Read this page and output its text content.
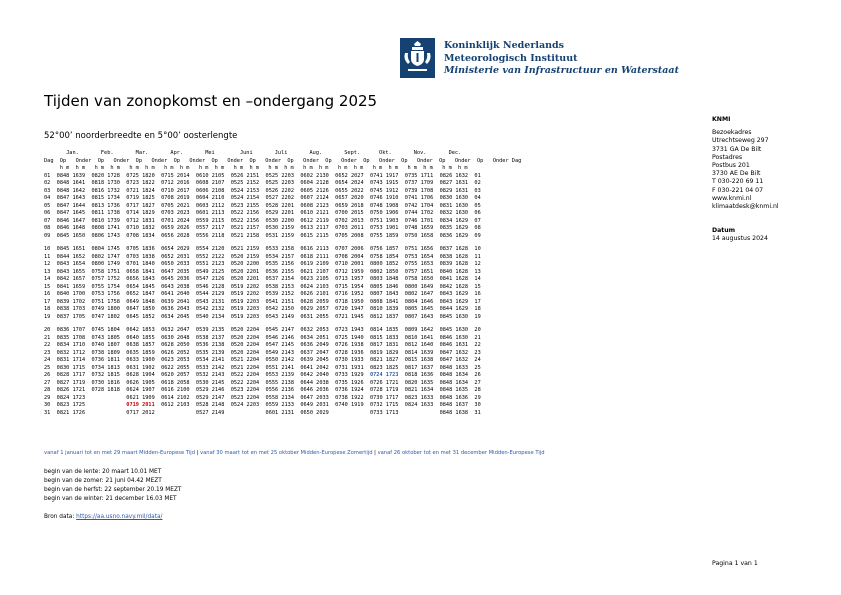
Koninklijk Nederlands
Meteorologisch Instituut
Ministerie van Infrastructuur en Waterstaat
Tijden van zonopkomst en –ondergang 2025
52°00’ noorderbreedte en 5°00’ oosterlengte
Jan.       Feb.       Mar.       Apr.       Mei        Juni       Juli       Aug.       Sept.      Okt.       Nov.       Dec.
Dag  Op   Onder  Op   Onder  Op   Onder  Op   Onder  Op   Onder  Op   Onder  Op   Onder  Op   Onder  Op   Onder  Op   Onder  Op   Onder  Op   Onder Dag
h m  h m   h m  h m   h m  h m   h m  h m   h m  h m   h m  h m   h m  h m   h m  h m   h m  h m   h m  h m   h m  h m   h m  h m
01 0848 1639 0820 1728 0725 1820 0715 2014 0610 2105 0526 2151 0525 2203 0602 2130 0652 2027 0741 1917 0735 1711 0826 1632 01
02 0848 1641 0818 1730 0723 1822 0712 2016 0608 2107 0525 2152 0525 2203 0604 2128 0654 2024 0743 1915 0737 1709 0827 1631 02
03 0848 1642 0816 1732 0721 1824 0710 2017 0606 2108 0524 2153 0526 2202 0605 2126 0655 2022 0745 1912 0739 1708 0829 1631 03
04 0847 1643 0815 1734 0719 1825 0708 2019 0604 2110 0524 2154 0527 2202 0607 2124 0657 2020 0746 1910 0741 1706 0830 1630 04
05 0847 1644 0813 1736 0717 1827 0705 2021 0603 2112 0523 2155 0528 2201 0608 2123 0659 2018 0748 1908 0742 1704 0831 1630 05
06 0847 1645 0811 1738 0714 1829 0703 2023 0601 2113 0522 2156 0529 2201 0610 2121 0700 2015 0750 1906 0744 1702 0832 1630 06
07 0846 1647 0810 1739 0712 1831 0701 2024 0559 2115 0522 2156 0530 2200 0612 2119 0702 2013 0751 1903 0746 1701 0834 1629 07
08 0846 1648 0808 1741 0710 1832 0659 2026 0557 2117 0521 2157 0530 2159 0613 2117 0703 2011 0753 1901 0748 1659 0835 1629 08
09 0845 1650 0806 1743 0708 1834 0656 2028 0556 2118 0521 2158 0531 2159 0615 2115 0705 2008 0755 1859 0750 1658 0836 1629 09
10 0845 1651 0804 1745 0705 1836 0654 2029 0554 2120 0521 2159 0533 2158 0616 2113 0707 2006 0756 1857 0751 1656 0837 1628 10
11 0844 1652 0802 1747 0703 1838 0652 2031 0552 2122 0520 2159 0534 2157 0618 2111 0708 2004 0758 1854 0753 1654 0838 1628 11
12 0843 1654 0800 1749 0701 1840 0650 2033 0551 2123 0520 2200 0535 2156 0619 2109 0710 2001 0800 1852 0755 1653 0839 1628 12
13 0843 1655 0758 1751 0658 1841 0647 2035 0549 2125 0520 2201 0536 2155 0621 2107 0712 1959 0802 1850 0757 1651 0840 1628 13
14 0842 1657 0757 1752 0656 1843 0645 2036 0547 2126 0520 2201 0537 2154 0623 2105 0713 1957 0803 1848 0758 1650 0841 1628 14
15 0841 1659 0755 1754 0654 1845 0643 2038 0546 2128 0519 2202 0538 2153 0624 2103 0715 1954 0805 1846 0800 1649 0842 1628 15
16 0840 1700 0753 1756 0652 1847 0641 2040 0544 2129 0519 2202 0539 2152 0626 2101 0716 1952 0807 1843 0802 1647 0843 1629 16
17 0839 1702 0751 1758 0649 1848 0639 2041 0543 2131 0519 2203 0541 2151 0628 2059 0718 1950 0808 1841 0804 1646 0843 1629 17
18 0838 1703 0749 1800 0647 1850 0636 2043 0542 2132 0519 2203 0542 2150 0629 2057 0720 1947 0810 1839 0805 1645 0844 1629 18
19 0837 1705 0747 1802 0645 1852 0634 2045 0540 2134 0519 2203 0543 2149 0631 2055 0721 1945 0812 1837 0807 1643 0845 1630 19
20 0836 1707 0745 1804 0642 1853 0632 2047 0539 2135 0520 2204 0545 2147 0632 2053 0723 1943 0814 1835 0809 1642 0845 1630 20
21 0835 1708 0743 1805 0640 1855 0630 2048 0538 2137 0520 2204 0546 2146 0634 2051 0725 1940 0815 1833 0810 1641 0846 1630 21
22 0834 1710 0740 1807 0638 1857 0628 2050 0536 2138 0520 2204 0547 2145 0636 2049 0726 1938 0817 1831 0812 1640 0846 1631 22
23 0832 1712 0738 1809 0635 1859 0626 2052 0535 2139 0520 2204 0549 2143 0637 2047 0728 1936 0819 1829 0814 1639 0847 1632 23
24 0831 1714 0736 1811 0633 1900 0623 2053 0534 2141 0521 2204 0550 2142 0639 2045 0730 1933 0821 1827 0815 1638 0847 1632 24
25 0830 1715 0734 1813 0631 1902 0622 2055 0533 2142 0521 2204 0551 2141 0641 2042 0731 1931 0823 1825 0817 1637 0848 1633 25
26 0828 1717 0732 1815 0628 1904 0620 2057 0532 2143 0522 2204 0553 2139 0642 2040 0733 1929 0724 1723 0818 1636 0848 1634 26
27 0827 1719 0730 1816 0626 1905 0618 2058 0530 2145 0522 2204 0555 2138 0644 2038 0735 1926 0726 1721 0820 1635 0848 1634 27
28 0826 1721 0728 1818 0624 1907 0616 2100 0529 2146 0523 2204 0556 2136 0646 2036 0736 1924 0728 1719 0821 1634 0848 1635 28
29 0824 1723	0621 1909 0614 2102 0529 2147 0523 2204 0558 2134 0647 2033 0738 1922 0730 1717 0823 1633 0848 1636 29
30 0823 1725	0719 2011 0612 2103 0528 2148 0524 2203 0559 2133 0649 2031 0740 1919 0732 1715 0824 1633 0848 1637 30
31 0821 1726	0717 2012	0527 2149	0601 2131 0650 2029	0733 1713	0848 1638 31
vanaf 1 januari tot en met 29 maart Midden-Europese Tijd | vanaf 30 maart tot en met 25 oktober Midden-Europese Zomertijd | vanaf 26 oktober tot en met 31 december Midden-Europese Tijd
begin van de lente: 20 maart 10.01 MET
begin van de zomer: 21 juni 04.42 MEZT
begin van de herfst: 22 september 20.19 MEZT
begin van de winter: 21 december 16.03 MET
Bron data: https://aa.usno.navy.mil/data/
KNMI
Bezoekadres
Utrechtseweg 297
3731 GA De Bilt
Postadres
Postbus 201
3730 AE De Bilt
T 030-220 69 11
F 030-221 04 07
www.knmi.nl
klimaatdesk@knmi.nl
Datum
14 augustus 2024
Pagina 1 van 1
